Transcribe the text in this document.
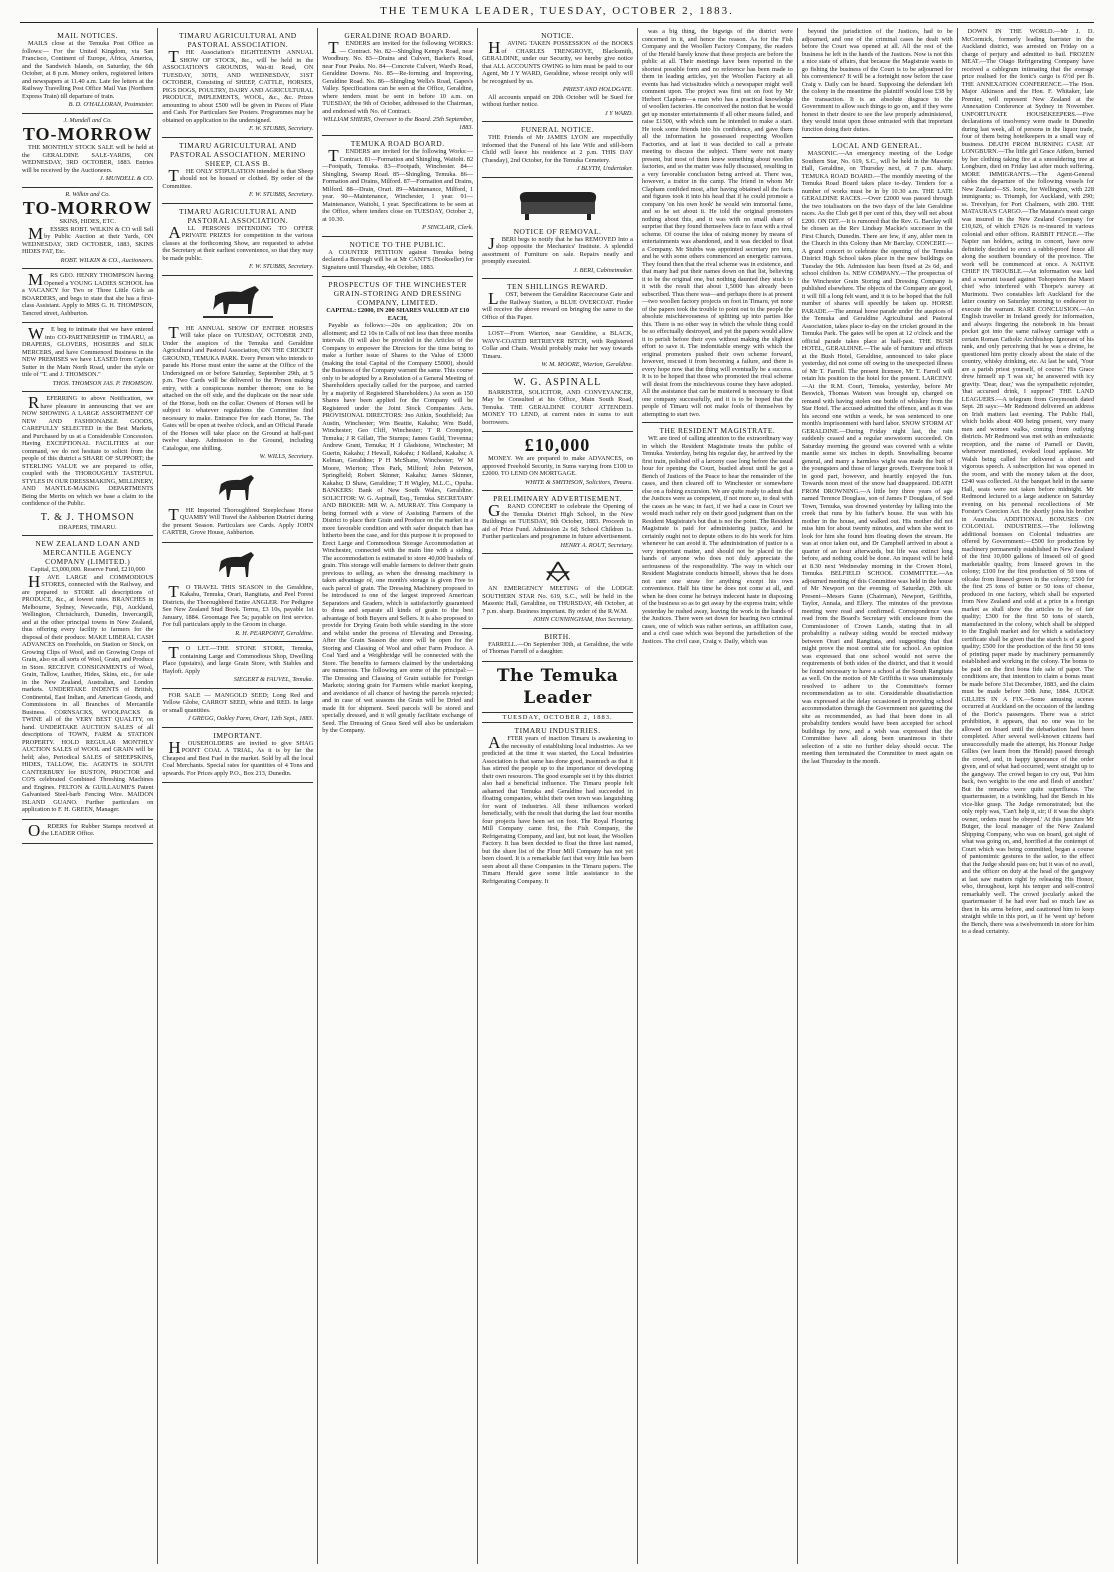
THE TEMUKA LEADER, TUESDAY, OCTOBER 2, 1883.
MAIL NOTICES.
MAILS close at the Temuka Post Office as follows:— For the United Kingdom, via San Francisco, Continent of Europe, Africa, America, and the Sandwich Islands, on Saturday, the 6th October, at 8 p.m. Money orders, registered letters and newspapers at 11.40 a.m. Late fee letters at the Railway Travelling Post Office Mail Van (Northern Express Train) till departure of train.
B. D. O'HALLORAN, Postmaster.
J. Mundell and Co.
TO-MORROW
THE MONTHLY STOCK SALE will be held at the GERALDINE SALE-YARDS, ON WEDNESDAY, 3RD OCTOBER, 1883. Entries will be received by the Auctioneers.
J. MUNDELL & CO.
R. Wilkin and Co.
TO-MORROW
SKINS, HIDES, ETC.
MESSRS ROBT. WILKIN & CO will Sell by Public Auction at their Yards, ON WEDNESDAY, 3RD OCTOBER, 1883, SKINS HIDES FAT, Etc.
ROBT. WILKIN & CO., Auctioneers.
MRS GEO. HENRY THOMPSON having Opened a YOUNG LADIES SCHOOL has a VACANCY for Two or Three Little Girls as BOARDERS, and begs to state that she has a first-class Assistant. Apply to MRS G. H. THOMPSON, Tancred street, Ashburton.
WE beg to intimate that we have entered into CO-PARTNERSHIP in TIMARU, as DRAPERS, GLOVERS, HOSIERS and SILK MERCERS, and have Commenced Business in the NEW PREMISES we have LEASED from Captain Sutter in the Main North Road, under the style or title of "T. and J. THOMSON."
THOS. THOMSON JAS. P. THOMSON.
REFERRING to above Notification, we have pleasure in announcing that we are NOW SHOWING A LARGE ASSORTMENT OF NEW AND FASHIONABLE GOODS, CAREFULLY SELECTED in the Best Markets, and Purchased by us at a Considerable Concession. Having EXCEPTIONAL FACILITIES at our command, we do not hesitate to solicit from the people of this district a SHARE OF SUPPORT; the STERLING VALUE we are prepared to offer, coupled with the THOROUGHLY TASTEFUL STYLES IN OUR DRESSMAKING, MILLINERY, AND MANTLE-MAKING DEPARTMENTS Being the Merits on which we base a claim to the confidence of the Public.
T. & J. THOMSON
DRAPERS, TIMARU.
NEW ZEALAND LOAN AND MERCANTILE AGENCY COMPANY (LIMITED.)
Capital, £3,000,000. Reserve Fund, £210,000
HAVE LARGE and COMMODIOUS STORES, connected with the Railway, and are prepared to STORE all descriptions of PRODUCE, &c., at lowest rates. BRANCHES in Melbourne, Sydney, Newcastle, Fiji, Auckland, Wellington, Christchurch, Dunedin, Invercargill, and at the other principal towns in New Zealand, thus offering every facility to farmers for the disposal of their produce. MAKE LIBERAL CASH ADVANCES on Freeholds, on Station or Stock, on Growing Clips of Wool, and on Growing Crops of Grain, also on all sorts of Wool, Grain, and Produce in Store. RECEIVE CONSIGNMENTS of Wool, Grain, Tallow, Leather, Hides, Skins, etc., for sale in the New Zealand, Australian, and London markets. UNDERTAKE INDENTS of British, Continental, East Indian, and American Goods, and Commissions in all Branches of Mercantile Business. CORNSACKS, WOOLPACKS & TWINE all of the VERY BEST QUALITY, on hand. UNDERTAKE AUCTION SALES of all descriptions of TOWN, FARM & STATION PROPERTY. HOLD REGULAR MONTHLY AUCTION SALES of WOOL and GRAIN will be held; also, Periodical SALES of SHEEPSKINS, HIDES, TALLOW, Etc. AGENTS in SOUTH CANTERBURY for BUSTON, PROCTOR and CO'S celebrated Combined Threshing Machines and Engines. FELTON & GUILLAUME'S Patent Galvanised Steel-barb Fencing Wire. MAIDON ISLAND GUANO. Further particulars on application to F. H. GREEN, Manager.
ORDERS for Rubber Stamps received at the LEADER Office.
TIMARU AGRICULTURAL AND PASTORAL ASSOCIATION.
THE Association's EIGHTEENTH ANNUAL SHOW OF STOCK, &c., will be held in the ASSOCIATION'S GROUNDS, Wai-iti Road, ON TUESDAY, 30TH, AND WEDNESDAY, 31ST OCTOBER, Consisting of SHEEP, CATTLE, HORSES, PIGS DOGS, POULTRY, DAIRY AND AGRICULTURAL PRODUCE, IMPLEMENTS, WOOL, &c., &c. Prizes amounting to about £500 will be given in Pieces of Plate and Cash. For Particulars See Posters. Programmes may be obtained on application to the undersigned.
F. W. STUBBS, Secretary.
TIMARU AGRICULTURAL AND PASTORAL ASSOCIATION. MERINO SHEEP, CLASS B.
THE ONLY STIPULATION intended is that Sheep should not be housed or clothed. By order of the Committee.
F. W. STUBBS, Secretary.
TIMARU AGRICULTURAL AND PASTORAL ASSOCIATION.
ALL PERSONS INTENDING TO OFFER PRIVATE PRIZES for competition in the various classes at the forthcoming Show, are requested to advise the Secretary at their earliest convenience, so that they may be made public.
F. W. STUBBS, Secretary.
THE ANNUAL SHOW OF ENTIRE HORSES Will take place on TUESDAY, OCTOBER 2ND, Under the auspices of the Temuka and Geraldine Agricultural and Pastoral Association, ON THE CRICKET GROUND, TEMUKA PARK. Every Person who intends to parade his Horse must enter the same at the Office of the Undersigned on or before Saturday, September 29th, at 5 p.m. Two Cards will be delivered to the Person making entry, with a conspicuous number thereon; one to be attached on the off side, and the duplicate on the near side of the Horse, both on the collar. Owners of Horses will be subject to whatever regulations the Committee find necessary to make. Entrance Fee for each Horse, 5s. The Gates will be open at twelve o'clock, and an Official Parade of the Horses will take place on the Ground at half-past twelve sharp. Admission to the Ground, including Catalogue, one shilling.
W. WILLS, Secretary.
THE Imported Thoroughbred Steeplechase Horse QUAMBY Will Travel the Ashburton District during the present Season. Particulars see Cards. Apply JOHN CARTER, Grove House, Ashburton.
TO TRAVEL THIS SEASON in the Geraldine, Kakahu, Temuka, Orari, Rangitata, and Peel Forest Districts, the Thoroughbred Entire ANGLER. For Pedigree See New Zealand Stud Book. Terms, £3 10s, payable 1st January, 1884. Groomage Fee 5s; payable on first service. For full particulars apply to the Groom in charge.
R. H. PEARPOINT, Geraldine.
TO LET.—THE STONE STORE, Temuka, containing Large and Commodious Shop, Dwelling Place (upstairs), and large Grain Store, with Stables and Hayloft. Apply
SIEGERT & FAUVEL, Temuka.
FOR SALE — MANGOLD SEED; Long Red and Yellow Globe, CARROT SEED, white and RED. In large or small quantities.
J GREGG, Oakley Farm, Orari, 12th Sept., 1883.
IMPORTANT.
HOUSEHOLDERS are invited to give SHAG POINT COAL A TRIAL, As it is by far the Cheapest and Best Fuel in the market. Sold by all the local Coal Merchants. Special rates for quantities of 4 Tons and upwards. For Prices apply P.O., Box 213, Dunedin.
GERALDINE ROAD BOARD.
TENDERS are invited for the following WORKS:— Contract. No. 82—Shingling Kemp's Road, near Woodbury. No. 83—Drains and Culvert, Barker's Road, near Four Peaks. No. 84—Concrete Culvert, Ward's Road, Geraldine Downs. No. 85—Re-forming and Improving, Geraldine Road. No. 86—Shingling Wells's Road, Gapes's Valley. Specifications can be seen at the Office, Geraldine, where tenders must be sent in before 10 a.m. on TUESDAY, the 9th of October, addressed to the Chairman, and endorsed with No. of Contract.
WILLIAM SHIERS, Overseer to the Board. 25th September, 1883.
TEMUKA ROAD BOARD.
TENDERS are invited for the following Works:— Contract. 81—Formation and Shingling, Waitohi. 82—Footpath, Temuka. 83—Footpath, Winchester. 84—Shingling, Swamp Road. 85—Shingling, Temuka. 86—Formation and Drains, Milford. 87—Formation and Drains, Milford. 88—Drain, Orari. 89—Maintenance, Milford, 1 year. 90—Maintenance, Winchester, 1 year. 91—Maintenance, Waitohi, 1 year. Specifications to be seen at the Office, where tenders close on TUESDAY, October 2, at 10.30.
P SINCLAIR, Clerk.
NOTICE TO THE PUBLIC.
A COUNTER PETITION against Temuka being declared a Borough will be at Mr CANT'S (Bookseller) for Signature until Thursday, 4th October, 1883.
PROSPECTUS OF THE WINCHESTER GRAIN-STORING AND DRESSING COMPANY, LIMITED.
CAPITAL: £2000, IN 200 SHARES VALUED AT £10 EACH,
Payable as follows:—20s on application; 20s on allotment; and £2 10s in Calls of not less than three months intervals. (It will also be provided in the Articles of the Company to empower the Directors for the time being to make a further issue of Shares to the Value of £3000 (making the total Capital of the Company £5000), should the Business of the Company warrant the same. This course only to be adopted by a Resolution of a General Meeting of Shareholders specially called for the purpose, and carried by a majority of Registered Shareholders.) As soon as 150 Shares have been applied for the Company will be Registered under the Joint Stock Companies Acts. PROVISIONAL DIRECTORS: Jno Aitkin, Southfield; Jas Austin, Winchester; Wm Beattie, Kakahu; Wm Budd, Winchester; Geo Cliff, Winchester; T R Crompton, Temuka; J R Gillatt, The Stumps; James Guild, Trevenna; Andrew Grant, Temuka; H J Gladstone, Winchester; M Guerin, Kakahu; J Hewall, Kakahu; J Kelland, Kakahu; A Kelman, Geraldine; P H McShane, Winchester; W M Moore, Wierton; Thos Park, Milford; John Peterson, Springfield; Robert Skinner, Kakahu; James Skinner, Kakahu; D Shaw, Geraldine; T H Wigley, M.L.C., Opuha. BANKERS: Bank of New South Wales, Geraldine. SOLICITOR: W. G. Aspinall, Esq., Temuka. SECRETARY AND BROKER: MR W. A. MURRAY. This Company is being formed with a view of Assisting Farmers of the District to place their Grain and Produce on the market in a more favorable condition and with safer despatch than has hitherto been the case, and for this purpose it is proposed to Erect Large and Commodious Storage Accommodation at Winchester, connected with the main line with a siding. The accommodation is estimated to store 40,000 bushels of grain. This storage will enable farmers to deliver their grain previous to selling, as when the dressing machinery is taken advantage of, one month's storage is given Free to each parcel of grain. The Dressing Machinery proposed to be introduced is one of the largest improved American Separators and Graders, which is satisfactorily guaranteed to dress and separate all kinds of grain to the best advantage of both Buyers and Sellers. It is also proposed to provide for Drying Grain both while standing in the store and whilst under the process of Elevating and Dressing. After the Grain Season the store will be open for the Storing and Classing of Wool and other Farm Produce. A Coal Yard and a Weighbridge will be connected with the Store. The benefits to farmers claimed by the undertaking are numerous. The following are some of the principal:—The Dressing and Classing of Grain suitable for Foreign Markets; storing grain for Farmers while market keeping, and avoidance of all chance of having the parcels rejected; and in case of wet seasons the Grain will be Dried and made fit for shipment. Seed parcels will be stored and specially dressed, and it will greatly facilitate exchange of Seed. The Dressing of Grass Seed will also be undertaken by the Company.
NOTICE.
HAVING TAKEN POSSESSION of the BOOKS of CHARLES TRENGROVE, Blacksmith, GERALDINE, under our Security, we hereby give notice that ALL ACCOUNTS OWING to him must be paid to our Agent, Mr J Y WARD, Geraldine, whose receipt only will be recognised by us.
PRIEST AND HOLDGATE.
All accounts unpaid on 20th October will be Sued for without further notice.
J Y WARD.
FUNERAL NOTICE.
THE Friends of Mr JAMES LYON are respectfully informed that the Funeral of his late Wife and still-born Child will leave his residence at 2 p.m. THIS DAY (Tuesday), 2nd October, for the Temuka Cemetery.
J BLYTH, Undertaker.
NOTICE OF REMOVAL.
JBERI begs to notify that he has REMOVED Into a shop opposite the Mechanics' Institute. A splendid assortment of Furniture on sale. Repairs neatly and promptly executed.
J. BERI, Cabinetmaker.
TEN SHILLINGS REWARD.
LOST, between the Geraldine Racecourse Gate and the Railway Station, a BLUE OVERCOAT. Finder will receive the above reward on bringing the same to the Office of this Paper.
LOST—From Wierton, near Geraldine, a BLACK, WAVY-COATED RETRIEVER BITCH, with Registered Collar and Chain. Would probably make her way towards Timaru.
W. M. MOORE, Wierton, Geraldine.
W. G. ASPINALL
BARRISTER, SOLICITOR, AND CONVEYANCER, May be Consulted at his Office, Main South Road, Temuka. THE GERALDINE COURT ATTENDED. MONEY TO LEND, at current rates in sums to suit borrowers.
£10,000
MONEY. We are prepared to make ADVANCES, on approved Freehold Security, in Sums varying from £100 to £2000. TO LEND ON MORTGAGE.
WHITE & SMITHSON, Solicitors, Timaru.
PRELIMINARY ADVERTISEMENT.
GRAND CONCERT to celebrate the Opening of the Temuka District High School, in the New Buildings on TUESDAY, 9th October, 1883. Proceeds in aid of Prize Fund. Admission 2s 6d; School Children 1s. Further particulars and programme in future advertisement.
HENRY A. ROUT, Secretary.
AN EMERGENCY MEETING of the LODGE SOUTHERN STAR No. 619, S.C., will be held in the Masonic Hall, Geraldine, on THURSDAY, 4th October, at 7 p.m. sharp. Business important. By order of the R.W.M.
JOHN CUNNINGHAM, Hon Secretary.
BIRTH.
FARRELL.—On September 30th, at Geraldine, the wife of Thomas Farrell of a daughter.
The Temuka Leader
TUESDAY, OCTOBER 2, 1883.
TIMARU INDUSTRIES.
AFTER years of inaction Timaru is awakening to the necessity of establishing local industries. As we predicted at the time it was started, the Local Industries Association is that same has done good, inasmuch as that it has stirred the people up to the importance of developing their own resources. The good example set it by this district also had a beneficial influence. The Timaru people felt ashamed that Temuka and Geraldine had succeeded in floating companies, whilst their own town was languishing for want of industries. All these influences worked beneficially, with the result that during the last four months four projects have been set on foot. The Royal Flouring Mill Company came first, the Fish Company, the Refrigerating Company, and last, but not least, the Woollen Factory. It has been decided to float the three last named, but the share list of the Flour Mill Company has not yet been closed. It is a remarkable fact that very little has been seen about all these Companies in the Timaru papers. The Timaru Herald gave some little assistance to the Refrigerating Company. It
was a big thing, the bigwigs of the district were concerned in it, and hence the reason. As for the Fish Company and the Woollen Factory Company, the readers of the Herald barely know that these projects are before the public at all. Their meetings have been reported in the shortest possible form and no reference has been made to them in leading articles, yet the Woollen Factory at all events has had vicissitudes which a newspaper might well comment upon. The project was first set on foot by Mr Herbert Clapham—a man who has a practical knowledge of woollen factories. He conceived the notion that he would get up monster entertainments if all other means failed, and raise £1500, with which sum he intended to make a start. He took some friends into his confidence, and gave them all the information he possessed respecting Woollen Factories, and at last it was decided to call a private meeting to discuss the subject. There were not many present, but most of them knew something about woollen factories, and so the matter was fully discussed, resulting in a very favorable conclusion being arrived at. There was, however, a traitor in the camp. The friend in whom Mr Clapham confided most, after having obtained all the facts and figures took it into his head that if he could promote a company 'on his own hook' he would win immortal fame, and so he set about it. He told the original promoters nothing about this, and it was with no small share of surprise that they found themselves face to face with a rival scheme. Of course the idea of raising money by means of entertainments was abandoned, and it was decided to float a Company. Mr Stubbs was appointed secretary pro tem, and he with some others commenced an energetic canvass. They found then that the rival scheme was in existence, and that many had put their names down on that list, believing it to be the original one, but nothing daunted they stuck to it with the result that about 1,5000 has already been subscribed. Thus there was—and perhaps there is at present—two woollen factory projects on foot in Timaru, yet none of the papers took the trouble to point out to the people the absolute mischievousness of splitting up into parties like this. There is no other way in which the whole thing could be so effectually destroyed, and yet the papers would allow it to perish before their eyes without making the slightest effort to save it. The indomitable energy with which the original promoters pushed their own scheme forward, however, rescued it from becoming a failure, and there is every hope now that the thing will eventually be a success. It is to be hoped that those who promoted the rival scheme will desist from the mischievous course they have adopted. All the assistance that can be mustered is necessary to float one company successfully, and it is to be hoped that the people of Timaru will not make fools of themselves by attempting to start two.
THE RESIDENT MAGISTRATE.
WE are tired of calling attention to the extraordinary way in which the Resident Magistrate treats the public of Temuka. Yesterday, being his regular day, he arrived by the first train, polished off a larceny case long before the usual hour for opening the Court, bustled about until he got a Bench of Justices of the Peace to hear the remainder of the cases, and then cleared off to Winchester or somewhere else on a fishing excursion. We are quite ready to admit that the Justices were as competent, if not more so, to deal with the cases as he was; in fact, if we had a case in Court we would much rather rely on their good judgment than on the Resident Magistrate's but that is not the point. The Resident Magistrate is paid for administering justice, and he certainly ought not to depute others to do his work for him whenever he can avoid it. The administration of justice is a very important matter, and should not be placed in the hands of anyone who does not duly appreciate the seriousness of the responsibility. The way in which our Resident Magistrate conducts himself, shows that he does not care one straw for anything except his own convenience. Half his time he does not come at all, and when he does come he betrays indecent haste in disposing of the business so as to get away by the express train; while yesterday he rushed away, leaving the work in the hands of the Justices. There were set down for hearing two criminal cases, one of which was rather serious, an affiliation case, and a civil case which was beyond the jurisdiction of the Justices. The civil case, Craig v. Daily, which was
beyond the jurisdiction of the Justices, had to be adjourned, and one of the criminal cases he dealt with before the Court was opened at all. All the rest of the business he left in the hands of the Justices. Now is not this a nice state of affairs, that because the Magistrate wants to go fishing the business of the Court is to be adjourned for his convenience? It will be a fortnight now before the case Craig v. Daily can be heard. Supposing the defendant left the colony in the meantime the plaintiff would lose £38 by the transaction. It is an absolute disgrace to the Government to allow such things to go on, and if they were honest in their desire to see the law properly administered, they would insist upon those entrusted with that important function doing their duties.
LOCAL AND GENERAL.
MASONIC.—An emergency meeting of the Lodge Southern Star, No. 619, S.C., will be held in the Masonic Hall, Geraldine, on Thursday next, at 7 p.m. sharp. TEMUKA ROAD BOARD.—The monthly meeting of the Temuka Road Board takes place to-day. Tenders for a number of works must be in by 10.30 a.m. THE LATE GERALDINE RACES.—Over £2000 was passed through the two totalisators on the two days of the late Geraldine races. As the Club get 8 per cent of this, they will net about £200. ON DIT.—It is rumored that the Rev. G. Barclay will be chosen as the Rev Lindsay Mackie's successor in the First Church, Dunedin. There are few, if any, abler men in the Church in this Colony than Mr Barclay. CONCERT.—A grand concert to celebrate the opening of the Temuka District High School takes place in the new buildings on Tuesday the 9th. Admission has been fixed at 2s 6d, and school children 1s. NEW COMPANY.—The prospectus of the Winchester Grain Storing and Dressing Company is published elsewhere. The objects of the Company are good, it will fill a long felt want, and it is to be hoped that the full number of shares will speedily be taken up. HORSE PARADE.—The annual horse parade under the auspices of the Temuka and Geraldine Agricultural and Pastoral Association, takes place to-day on the cricket ground in the Temuka Park. The gates will be open at 12 o'clock and the official parade takes place at half-past. THE BUSH HOTEL, GERALDINE.—The sale of furniture and effects at the Bush Hotel, Geraldine, announced to take place yesterday, did not come off owing to the unexpected illness of Mr T. Farrell. The present licensee, Mr T. Farrell will retain his position in the hotel for the present. LARCENY.—At the R.M. Court, Temuka, yesterday, before Mr Beswick, Thomas Watson was brought up, charged on remand with having stolen one bottle of whiskey from the Star Hotel. The accused admitted the offence, and as it was his second one within a week, he was sentenced to one month's imprisonment with hard labor. SNOW STORM AT GERALDINE.—During Friday night last, the rain suddenly ceased and a regular snowstorm succeeded. On Saturday morning the ground was covered with a white mantle some six inches in depth. Snowballing became general, and many a harmless wight was made the butt of the youngsters and those of larger growth. Everyone took it in good part, however, and heartily enjoyed the fun. Towards noon most of the snow had disappeared. DEATH FROM DROWNING.—A little boy three years of age named Terence Douglass, son of James F Douglass, of Sod Town, Temuka, was drowned yesterday by falling into the creek that runs by his father's house. He was with his mother in the house, and walked out. His mother did not miss him for about twenty minutes, and when she went to look for him she found him floating down the stream. He was at once taken out, and Dr Campbell arrived in about a quarter of an hour afterwards, but life was extinct long before, and nothing could be done. An inquest will be held at 8.30 next Wednesday morning in the Crown Hotel, Temuka. BELFIELD SCHOOL COMMITTEE.—An adjourned meeting of this Committee was held in the house of Mr Newport on the evening of Saturday, 29th ult. Present—Messrs Gunn (Chairman), Newport, Griffiths, Taylor, Annala, and Ellery. The minutes of the previous meeting were read and confirmed. Correspondence was read from the Board's Secretary with enclosure from the Commissioner of Crown Lands, stating that in all probability a railway siding would be erected midway between Orari and Rangitata, and suggesting that that might prove the most central site for school. An opinion was expressed that one school would not serve the requirements of both sides of the district, and that it would be found necessary to have a school at the South Rangitata as well. On the motion of Mr Griffiths it was unanimously resolved to adhere to the Committee's former recommendation as to site. Considerable dissatisfaction was expressed at the delay occasioned in providing school accommodation through the Government not gazetting the site as recommended, as had that been done in all probability tenders would have been accepted for school buildings by now, and a wish was expressed that the Committee have all along been unanimous in their selection of a site no further delay should occur. The meeting then terminated the Committee to meet again on the last Thursday in the month.
DOWN IN THE WORLD.—Mr J. D. McCormick, formerly leading barrister in the Auckland district, was arrested on Friday on a charge of perjury and admitted to bail. FROZEN MEAT.—The Otago Refrigerating Company have received a cablegram intimating that the average price realised for the Ionic's cargo is 6½d per lb. THE ANNEXATION CONFERENCE.—The Hon. Major Atkinson and the Hon. F. Whitaker, late Premier, will represent New Zealand at the Annexation Conference at Sydney in November. UNFORTUNATE HOUSEKEEPERS.—Five declarations of insolvency were made in Dunedin during last week, all of persons in the liquor trade, four of them being hotelkeepers in a small way of business. DEATH FROM BURNING CASE AT LONGBURN.—The little girl Grace Aitken, burned by her clothing taking fire at a smouldering tree at Longburn, died on Friday last after much suffering. MORE IMMIGRANTS.—The Agent-General cables the departure of the following vessels for New Zealand—SS. Ionic, for Wellington, with 228 immigrants; ss. Triumph, for Auckland, with 290; ss. Trevelyan, for Port Chalmers, with 280. THE MATAURA'S CARGO.—The Mataura's meat cargo was insured in the New Zealand Company for £10,626, of which £7626 is re-insured in various colonial and other offices. RABBIT FENCE.—The Napier ran holders, acting in concert, have now definitely decided to erect a rabbit-proof fence all along the southern boundary of the province. The work will be commenced at once. A NATIVE CHIEF IN TROUBLE.—An information was laid and a warrant issued against Tohopstern the Maori chief who interfered with Thorpe's survey at Murimotu. Two constables left Auckland for the latter country on Saturday morning to endeavor to execute the warrant. RARE CONCLUSION.—An English traveller in Ireland greedy for information, and always fingering the notebook in his breast pocket got into the same railway carriage with a certain Roman Catholic Archbishop. Ignorant of his rank, and only perceiving that he was a divine, he questioned him pretty closely about the state of the country, whisky drinking, etc. At last he said, 'Your are a parish priest yourself, of course.' His Grace drew himself up 'I was sir,' he answered with icy gravity. 'Dear, dear,' was the sympathetic rejoinder, 'that accursed drink, I suppose!' THE LAND LEAGUERS.—A telegram from Greymouth dated Sept. 28 says:—Mr Redmond delivered an address on Irish matters last evening. The Public Hall, which holds about 400 being present, very many men and women walks, coming from outlying districts. Mr Redmond was met with an enthusiastic reception, and the name of Parnell or Davitt, whenever mentioned, evoked loud applause. Mr Walsh being called for delivered a short and vigorous speech. A subscription list was opened in the room, and with the money taken at the door, £240 was collected. At the banquet held in the same Hall, seats were not taken before midnight. Mr Redmond lectured to a large audience on Saturday evening on his personal recollections of Mr Forster's Coercion Act. He shortly joins his brother in Australia. ADDITIONAL BONUSES ON COLONIAL INDUSTRIES.—The following additional bonuses on Colonial industries are offered by Government:—£500 for production by machinery permanently established in New Zealand of the first 10,000 gallons of linseed oil of good marketable quality, from linseed grown in the colony; £100 for the first production of 50 tons of oilcake from linseed grown in the colony; £500 for the first 25 tons of butter or 50 tons of cheese, produced in one factory, which shall be exported from New Zealand and sold at a price in a foreign market as shall show the articles to be of fair quality; £300 for the first 50 tons of starch, manufactured in the colony, which shall be shipped to the English market and for which a satisfactory certificate shall be given that the starch is of a good quality; £500 for the production of the first 50 tons of printing paper made by machinery permanently established and working in the colony. The bonus to be paid on the first bona fide sale of paper. The conditions are, that intention to claim a bonus must be made before 31st December, 1883, and the claim must be made before 30th June, 1884. JUDGE GILLIES IN A FIX.—Some amusing scenes occurred at Auckland on the occasion of the landing of the Doric's passengers. There was a strict prohibition, it appears, that no one was to be allowed on board until the debarkation had been completed. After several well-known citizens had unsuccessfully made the attempt, his Honour Judge Gillies (we learn from the Herald) passed through the crowd, and, in happy ignorance of the order given, and of what had occurred, went straight up to the gangway. The crowd began to cry out, 'Put him back, two weights to the one and flesh of another.' But the remarks were quite superfluous. The quartermaster, in a twinkling, had the Bench in his vice-like grasp. The Judge remonstrated; but the only reply was, 'Can't help it, sir; if it was the ship's owner, orders must be obeyed.' At this juncture Mr Butger, the local manager of the New Zealand Shipping Company, who was on board, got sight of what was going on, and, horrified at the contempt of Court which was being committed, began a course of pantomimic gestures to the sailor, to the effect that the Judge should pass on; but it was of no avail, and the officer on duty at the head of the gangway at last saw matters right by releasing His Honor, who, throughout, kept his temper and self-control remarkably well. The crowd jocularly asked the quartermaster if he had ever had so much law as then in his arms before, and cautioned him to keep straight while in this port, as if he 'went up' before the Bench, there was a twelvemonth in store for him to a dead certainty.
